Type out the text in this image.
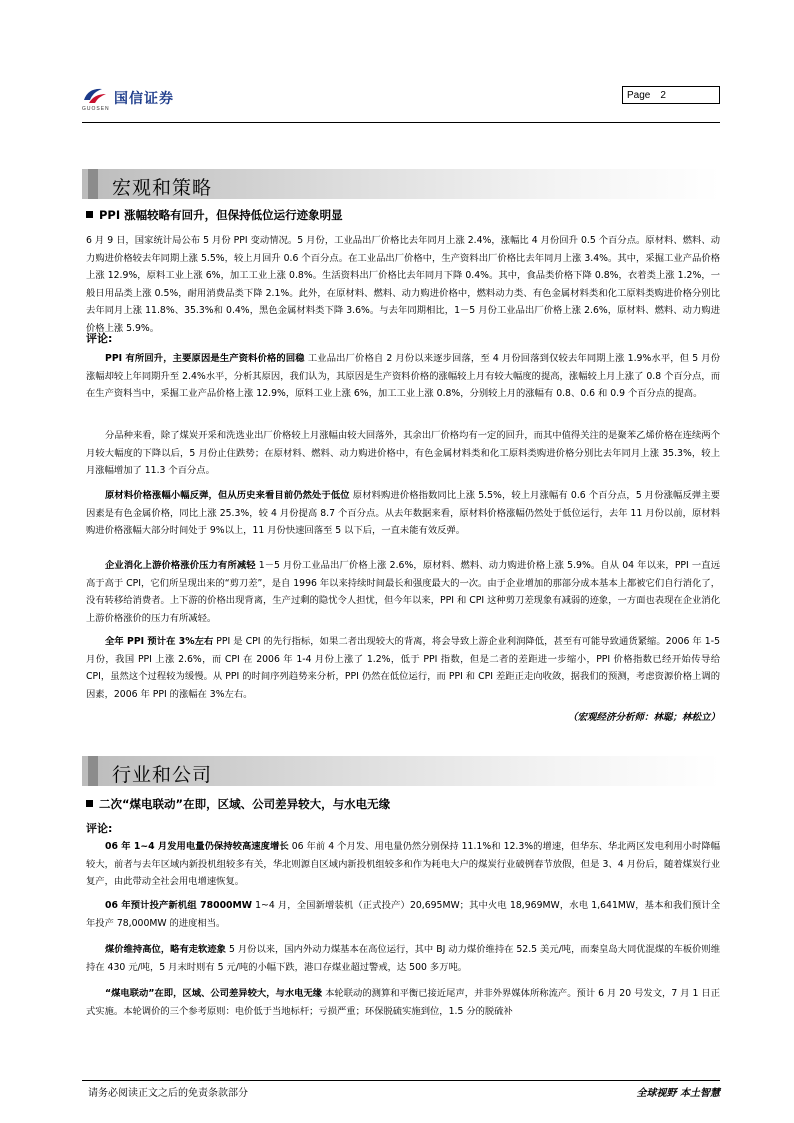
GUOSEN
国信证券	Page 2
宏观和策略
PPI 涨幅较略有回升，但保持低位运行迹象明显

6 月 9 日，国家统计局公布 5 月份 PPI 变动情况。5 月份，工业品出厂价格比去年同月上涨 2.4%，涨幅比 4 月份回升 0.5 个百分点。原材料、燃料、动力购进价格较去年同期上涨 5.5%，较上月回升 0.6 个百分点。在工业品出厂价格中，生产资料出厂价格比去年同月上涨 3.4%。其中，采掘工业产品价格上涨 12.9%，原料工业上涨 6%，加工工业上涨 0.8%。生活资料出厂价格比去年同月下降 0.4%。其中，食品类价格下降 0.8%，衣着类上涨 1.2%，一般日用品类上涨 0.5%，耐用消费品类下降 2.1%。此外，在原材料、燃料、动力购进价格中，燃料动力类、有色金属材料类和化工原料类购进价格分别比去年同月上涨 11.8%、35.3%和 0.4%，黑色金属材料类下降 3.6%。与去年同期相比，1－5 月份工业品出厂价格上涨 2.6%，原材料、燃料、动力购进价格上涨 5.9%。

评论:

PPI 有所回升，主要原因是生产资料价格的回稳 工业品出厂价格自 2 月份以来逐步回落，至 4 月份回落到仅较去年同期上涨 1.9%水平，但 5 月份涨幅却较上年同期升至 2.4%水平，分析其原因，我们认为，其原因是生产资料价格的涨幅较上月有较大幅度的提高，涨幅较上月上涨了 0.8 个百分点，而在生产资料当中，采掘工业产品价格上涨 12.9%，原料工业上涨 6%，加工工业上涨 0.8%，分别较上月的涨幅有 0.8、0.6 和 0.9 个百分点的提高。

分品种来看，除了煤炭开采和洗选业出厂价格较上月涨幅由较大回落外，其余出厂价格均有一定的回升，而其中值得关注的是聚苯乙烯价格在连续两个月较大幅度的下降以后，5 月份止住跌势；在原材料、燃料、动力购进价格中，有色金属材料类和化工原料类购进价格分别比去年同月上涨 35.3%，较上月涨幅增加了 11.3 个百分点。

原材料价格涨幅小幅反弹，但从历史来看目前仍然处于低位 原材料购进价格指数同比上涨 5.5%，较上月涨幅有 0.6 个百分点，5 月份涨幅反弹主要因素是有色金属价格，同比上涨 25.3%，较 4 月份提高 8.7 个百分点。从去年数据来看，原材料价格涨幅仍然处于低位运行，去年 11 月份以前，原材料购进价格涨幅大部分时间处于 9%以上，11 月份快速回落至 5 以下后，一直未能有效反弹。

企业消化上游价格涨价压力有所减轻 1－5 月份工业品出厂价格上涨 2.6%，原材料、燃料、动力购进价格上涨 5.9%。自从 04 年以来，PPI 一直远高于高于 CPI，它们所呈现出来的“剪刀差”，是自 1996 年以来持续时间最长和强度最大的一次。由于企业增加的那部分成本基本上都被它们自行消化了，没有转移给消费者。上下游的价格出现背离，生产过剩的隐忧令人担忧，但今年以来，PPI 和 CPI 这种剪刀差现象有减弱的迹象，一方面也表现在企业消化上游价格涨价的压力有所减轻。

全年 PPI 预计在 3%左右 PPI 是 CPI 的先行指标，如果二者出现较大的背离，将会导致上游企业利润降低，甚至有可能导致通货紧缩。2006 年 1-5 月份，我国 PPI 上涨 2.6%，而 CPI 在 2006 年 1-4 月份上涨了 1.2%，低于 PPI 指数，但是二者的差距进一步缩小，PPI 价格指数已经开始传导给 CPI，虽然这个过程较为缓慢。从 PPI 的时间序列趋势来分析，PPI 仍然在低位运行，而 PPI 和 CPI 差距正走向收敛，据我们的预测，考虑资源价格上调的因素，2006 年 PPI 的涨幅在 3%左右。

（宏观经济分析师：林聪；林松立）
行业和公司
二次“煤电联动”在即，区域、公司差异较大，与水电无缘
评论:

06 年 1~4 月发用电量仍保持较高速度增长 06 年前 4 个月发、用电量仍然分别保持 11.1%和 12.3%的增速，但华东、华北两区发电利用小时降幅较大，前者与去年区域内新投机组较多有关，华北则源自区域内新投机组较多和作为耗电大户的煤炭行业破例春节放假，但是 3、4 月份后，随着煤炭行业复产，由此带动全社会用电增速恢复。

06 年预计投产新机组 78000MW 1~4 月，全国新增装机（正式投产）20,695MW；其中火电 18,969MW，水电 1,641MW，基本和我们预计全年投产 78,000MW 的进度相当。

煤价维持高位，略有走软迹象 5 月份以来，国内外动力煤基本在高位运行，其中 BJ 动力煤价维持在 52.5 美元/吨，而秦皇岛大同优混煤的车板价则维持在 430 元/吨，5 月末时则有 5 元/吨的小幅下跌，港口存煤业超过警戒，达 500 多万吨。

“煤电联动”在即，区域、公司差异较大，与水电无缘 本轮联动的测算和平衡已接近尾声，并非外界媒体所称流产。预计 6 月 20 号发文，7 月 1 日正式实施。本轮调价的三个参考原则：电价低于当地标杆；亏损严重；环保脱硫实施到位，1.5 分的脱硫补

请务必阅读正文之后的免责条款部分	全球视野 本土智慧
